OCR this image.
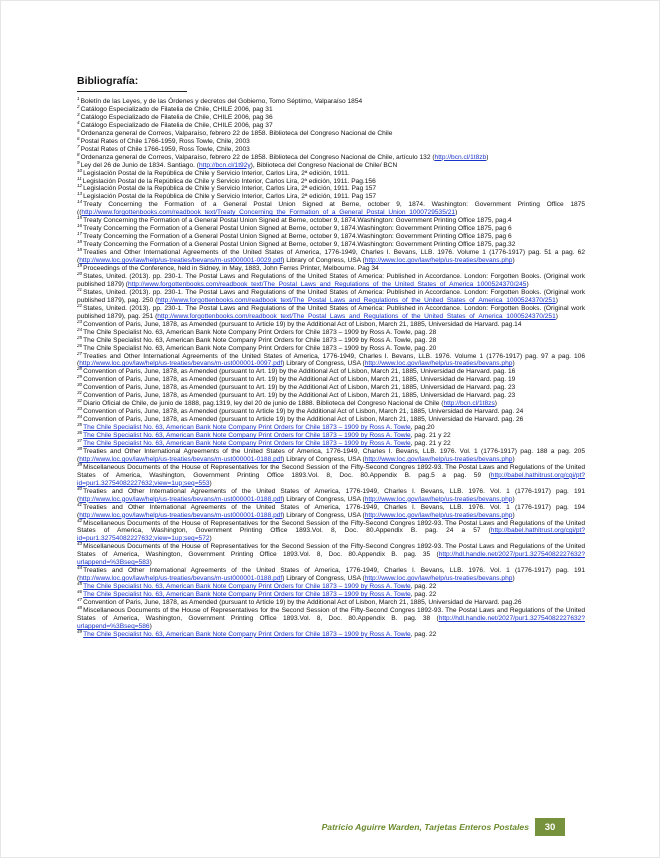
Bibliografía:

$^1$Boletín de las Leyes, y de las Órdenes y decretos del Gobierno, Tomo Séptimo, Valparaíso 1854

$^2$Catálogo Especializado de Filatelia de Chile, CHILE 2006, pag 31

$^3$Catálogo Especializado de Filatelia de Chile, CHILE 2006, pag 36

$^4$Catálogo Especializado de Filatelia de Chile, CHILE 2006, pag 37

$^5$Ordenanza general de Correos, Valparaíso, febrero 22 de 1858. Biblioteca del Congreso Nacional de Chile

$^6$Postal Rates of Chile 1766-1959, Ross Towle, Chile, 2003

$^7$Postal Rates of Chile 1766-1959, Ross Towle, Chile, 2003

$^8$Ordenanza general de Correos, Valparaíso, febrero 22 de 1858. Biblioteca del Congreso Nacional de Chile, artículo 132 (http://bcn.cl/1t8zb)

$^9$Ley del 26 de Junio de 1834. Santiago. (http://bcn.cl/1t92y), Biblioteca del Congreso Nacional de Chile/ BCN

$^{10}$Legislación Postal de la República de Chile y Servicio Interior, Carlos Lira, 2ª edición, 1911.

$^{11}$Legislación Postal de la República de Chile y Servicio Interior, Carlos Lira, 2ª edición, 1911. Pag.156

$^{12}$Legislación Postal de la República de Chile y Servicio Interior, Carlos Lira, 2ª edición, 1911. Pag 157

$^{13}$Legislación Postal de la República de Chile y Servicio Interior, Carlos Lira, 2ª edición, 1911. Pag 157

$^{14}$Treaty Concerning the Formation of a General Postal Union Signed at Berne, october 9, 1874. Washington: Government Printing Office 1875 ((http://www.forgottenbooks.com/readbook_text/Treaty_Concerning_the_Formation_of_a_General_Postal_Union_1000729535/21)

$^{15}$Treaty Concerning the Formation of a General Postal Union Signed at Berne, october 9, 1874.Washington: Government Printing Office 1875, pag.4

$^{16}$Treaty Concerning the Formation of a General Postal Union Signed at Berne, october 9, 1874.Washington: Government Printing Office 1875, pag 6

$^{17}$Treaty Concerning the Formation of a General Postal Union Signed at Berne, october 9, 1874.Washington: Government Printing Office 1875, pag 6

$^{18}$Treaty Concerning the Formation of a General Postal Union Signed at Berne, october 9, 1874.Washington: Government Printing Office 1875, pag.32

$^{18}$Treaties and Other International Agreements of the United States of America, 1776-1949, Charles I. Bevans, LLB. 1976. Volume 1 (1776-1917) pag. 51 a pag. 62 (http://www.loc.gov/law/help/us-treaties/bevans/m-ust000001-0029.pdf) Library of Congress, USA (http://www.loc.gov/law/help/us-treaties/bevans.php)

$^{19}$Proceedings of the Conference, held in Sidney, in May, 1883, John Ferres Printer, Melbourne. Pag 34

$^{20}$States, United. (2013). pp. 230-1. The Postal Laws and Regulations of the United States of America: Published in Accordance. London: Forgotten Books. (Original work published 1879) (http://www.forgottenbooks.com/readbook_text/The_Postal_Laws_and_Regulations_of_the_United_States_of_America_1000524370/245)

$^{21}$States, United. (2013). pp. 230-1. The Postal Laws and Regulations of the United States of America: Published in Accordance. London: Forgotten Books. (Original work published 1879), pag. 250 (http://www.forgottenbooks.com/readbook_text/The_Postal_Laws_and_Regulations_of_the_United_States_of_America_1000524370/251)

$^{22}$States, United. (2013). pp. 230-1. The Postal Laws and Regulations of the United States of America: Published in Accordance. London: Forgotten Books. (Original work published 1879), pag. 251 (http://www.forgottenbooks.com/readbook_text/The_Postal_Laws_and_Regulations_of_the_United_States_of_America_1000524370/251)

$^{23}$Convention of Paris, June, 1878, as Amended (pursuant to Article 19) by the Additional Act of Lisbon, March 21, 1885, Universidad de Harvard. pag.14

$^{24}$The Chile Specialist No. 63, American Bank Note Company Print Orders for Chile 1873 – 1909 by Ross A. Towle, pag. 28

$^{25}$The Chile Specialist No. 63, American Bank Note Company Print Orders for Chile 1873 – 1909 by Ross A. Towle, pag. 28

$^{26}$The Chile Specialist No. 63, American Bank Note Company Print Orders for Chile 1873 – 1909 by Ross A. Towle, pag. 20

$^{27}$Treaties and Other International Agreements of the United States of America, 1776-1949, Charles I. Bevans, LLB. 1976. Volume 1 (1776-1917) pag. 97 a pag. 106 (http://www.loc.gov/law/help/us-treaties/bevans/m-ust000001-0097.pdf) Library of Congress, USA (http://www.loc.gov/law/help/us-treaties/bevans.php)

$^{28}$Convention of Paris, June, 1878, as Amended (pursuant to Art. 19) by the Additional Act of Lisbon, March 21, 1885, Universidad de Harvard. pag. 16

$^{29}$Convention of Paris, June, 1878, as Amended (pursuant to Art. 19) by the Additional Act of Lisbon, March 21, 1885, Universidad de Harvard. pag. 19

$^{30}$Convention of Paris, June, 1878, as Amended (pursuant to Art. 19) by the Additional Act of Lisbon, March 21, 1885, Universidad de Harvard. pag. 23

$^{31}$Convention of Paris, June, 1878, as Amended (pursuant to Art. 19) by the Additional Act of Lisbon, March 21, 1885, Universidad de Harvard. pag. 23

$^{32}$Diario Oficial de Chile, de junio de 1888, pag.1319, ley del 20 de junio de 1888. Biblioteca del Congreso Nacional de Chile (http://bcn.cl/1t8zs)

$^{33}$Convention of Paris, June, 1878, as Amended (pursuant to Article 19) by the Additional Act of Lisbon, March 21, 1885, Universidad de Harvard. pag. 24

$^{34}$Convention of Paris, June, 1878, as Amended (pursuant to Article 19) by the Additional Act of Lisbon, March 21, 1885, Universidad de Harvard. pag. 26

$^{35}$The Chile Specialist No. 63, American Bank Note Company Print Orders for Chile 1873 – 1909 by Ross A. Towle, pag.20

$^{36}$The Chile Specialist No. 63, American Bank Note Company Print Orders for Chile 1873 – 1909 by Ross A. Towle, pag. 21 y 22

$^{37}$The Chile Specialist No. 63, American Bank Note Company Print Orders for Chile 1873 – 1909 by Ross A. Towle, pag. 21 y 22

$^{38}$Treaties and Other International Agreements of the United States of America, 1776-1949, Charles I. Bevans, LLB. 1976. Vol. 1 (1776-1917) pag. 188 a pag. 205 (http://www.loc.gov/law/help/us-treaties/bevans/m-ust000001-0188.pdf) Library of Congress, USA (http://www.loc.gov/law/help/us-treaties/bevans.php)

$^{39}$Miscellaneous Documents of the House of Representatives for the Second Session of the Fifty-Second Congres 1892-93. The Postal Laws and Regulations of the United States of America, Washington, Government Printing Office 1893.Vol. 8, Doc. 80.Appendix B. pag.5 a pag. 59 (http://babel.hathitrust.org/cgi/pt?id=pur1.32754082227632;view=1up;seq=553)

$^{40}$Treaties and Other International Agreements of the United States of America, 1776-1949, Charles I. Bevans, LLB. 1976. Vol. 1 (1776-1917) pag. 191 (http://www.loc.gov/law/help/us-treaties/bevans/m-ust000001-0188.pdf) Library of Congress, USA (http://www.loc.gov/law/help/us-treaties/bevans.php)

$^{41}$Treaties and Other International Agreements of the United States of America, 1776-1949, Charles I. Bevans, LLB. 1976. Vol. 1 (1776-1917) pag. 194 (http://www.loc.gov/law/help/us-treaties/bevans/m-ust000001-0188.pdf) Library of Congress, USA (http://www.loc.gov/law/help/us-treaties/bevans.php)

$^{42}$Miscellaneous Documents of the House of Representatives for the Second Session of the Fifty-Second Congres 1892-93. The Postal Laws and Regulations of the United States of America, Washington, Government Printing Office 1893.Vol. 8, Doc. 80.Appendix B. pag. 24 a 57 (http://babel.hathitrust.org/cgi/pt?id=pur1.32754082227632;view=1up;seq=572)

$^{43}$Miscellaneous Documents of the House of Representatives for the Second Session of the Fifty-Second Congres 1892-93. The Postal Laws and Regulations of the United States of America, Washington, Government Printing Office 1893.Vol. 8, Doc. 80.Appendix B. pag. 35 (http://hdl.handle.net/2027/pur1.32754082227632?urlappend=%3Bseq=583)

$^{44}$Treaties and Other International Agreements of the United States of America, 1776-1949, Charles I. Bevans, LLB. 1976. Vol. 1 (1776-1917) pag. 191 (http://www.loc.gov/law/help/us-treaties/bevans/m-ust000001-0188.pdf) Library of Congress, USA (http://www.loc.gov/law/help/us-treaties/bevans.php)

$^{45}$The Chile Specialist No. 63, American Bank Note Company Print Orders for Chile 1873 – 1909 by Ross A. Towle, pag. 22

$^{46}$The Chile Specialist No. 63, American Bank Note Company Print Orders for Chile 1873 – 1909 by Ross A. Towle, pag. 22

$^{47}$Convention of Paris, June, 1878, as Amended (pursuant to Article 19) by the Additional Act of Lisbon, March 21, 1885, Universidad de Harvard. pag.26

$^{48}$Miscellaneous Documents of the House of Representatives for the Second Session of the Fifty-Second Congres 1892-93. The Postal Laws and Regulations of the United States of America, Washington, Government Printing Office 1893.Vol. 8, Doc. 80.Appendix B. pag. 38 (http://hdl.handle.net/2027/pur1.32754082227632?urlappend=%3Bseq=586)

$^{49}$The Chile Specialist No. 63, American Bank Note Company Print Orders for Chile 1873 – 1909 by Ross A. Towle, pag. 22

Patricio Aguirre Warden, Tarjetas Enteros Postales	30
